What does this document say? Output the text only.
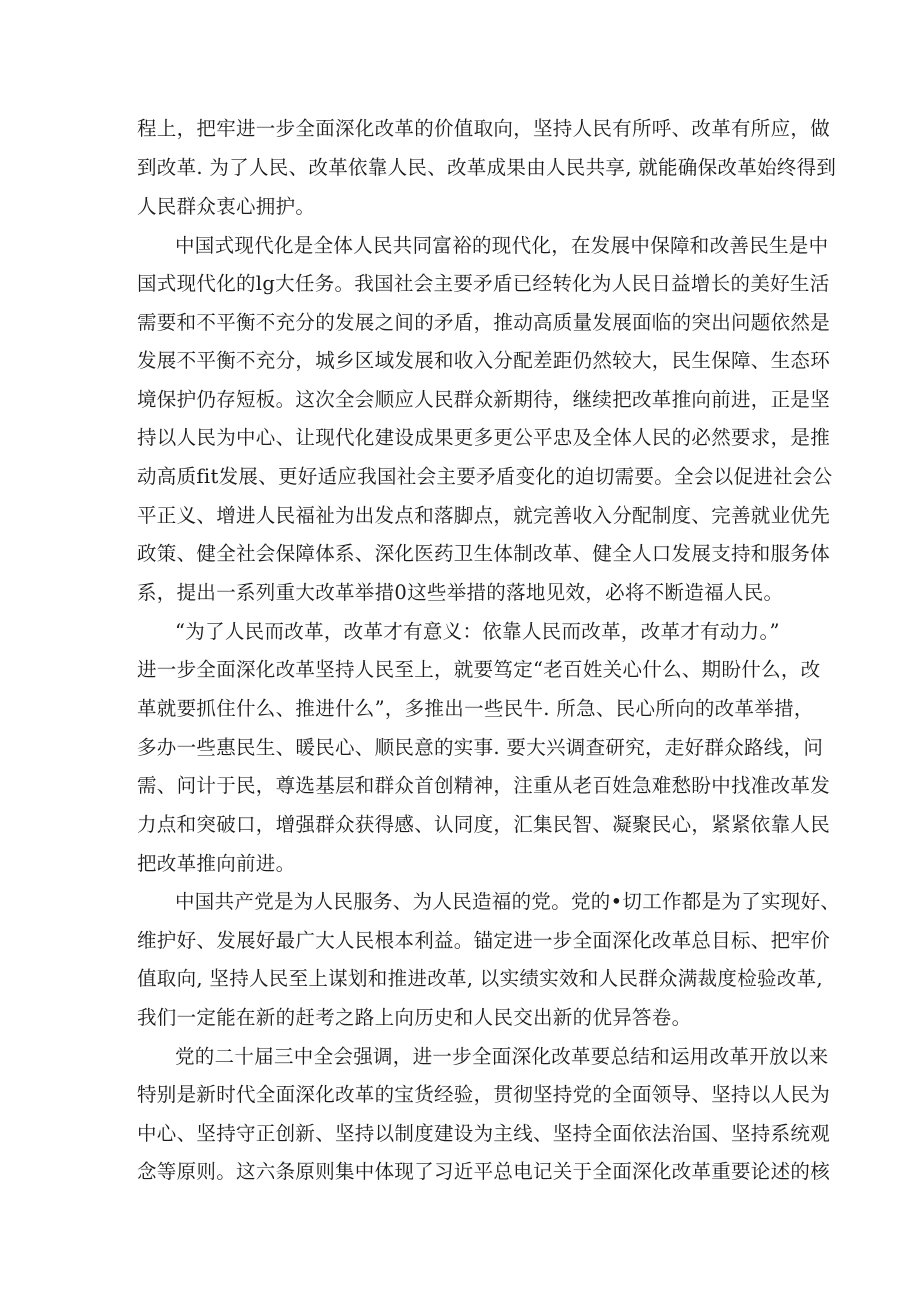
程上，把牢进一步全面深化改革的价值取向，坚持人民有所呼、改革有所应，做
到改革. 为了人民、改革依靠人民、改革成果由人民共享, 就能确保改革始终得到
人民群众衷心拥护。
中国式现代化是全体人民共同富裕的现代化，在发展中保障和改善民生是中
国式现代化的lg大任务。我国社会主要矛盾已经转化为人民日益增长的美好生活
需要和不平衡不充分的发展之间的矛盾，推动高质量发展面临的突出问题依然是
发展不平衡不充分，城乡区域发展和收入分配差距仍然较大，民生保障、生态环
境保护仍存短板。这次全会顺应人民群众新期待，继续把改革推向前进，正是坚
持以人民为中心、让现代化建设成果更多更公平忠及全体人民的必然要求，是推
动高质fit发展、更好适应我国社会主要矛盾变化的迫切需要。全会以促进社会公
平正义、增进人民福祉为出发点和落脚点，就完善收入分配制度、完善就业优先
政策、健全社会保障体系、深化医药卫生体制改革、健全人口发展支持和服务体
系，提出一系列重大改革举措0这些举措的落地见效，必将不断造福人民。
“为了人民而改革，改革才有意义：依靠人民而改革，改革才有动力。”
进一步全面深化改革坚持人民至上，就要笃定“老百姓关心什么、期盼什么，改
革就要抓住什么、推进什么”，多推出一些民牛. 所急、民心所向的改革举措，
多办一些惠民生、暖民心、顺民意的实事. 要大兴调查研究，走好群众路线，问
需、问计于民，尊选基层和群众首创精神，注重从老百姓急难愁盼中找准改革发
力点和突破口，增强群众获得感、认同度，汇集民智、凝聚民心，紧紧依靠人民
把改革推向前进。
中国共产党是为人民服务、为人民造福的党。党的•切工作都是为了实现好、
维护好、发展好最广大人民根本利益。锚定进一步全面深化改革总目标、把牢价
值取向, 坚持人民至上谋划和推进改革, 以实绩实效和人民群众满裁度检验改革,
我们一定能在新的赶考之路上向历史和人民交出新的优异答卷。
党的二十届三中全会强调，进一步全面深化改革要总结和运用改革开放以来
特别是新时代全面深化改革的宝货经验，贯彻坚持党的全面领导、坚持以人民为
中心、坚持守正创新、坚持以制度建设为主线、坚持全面依法治国、坚持系统观
念等原则。这六条原则集中体现了习近平总电记关于全面深化改革重要论述的核
